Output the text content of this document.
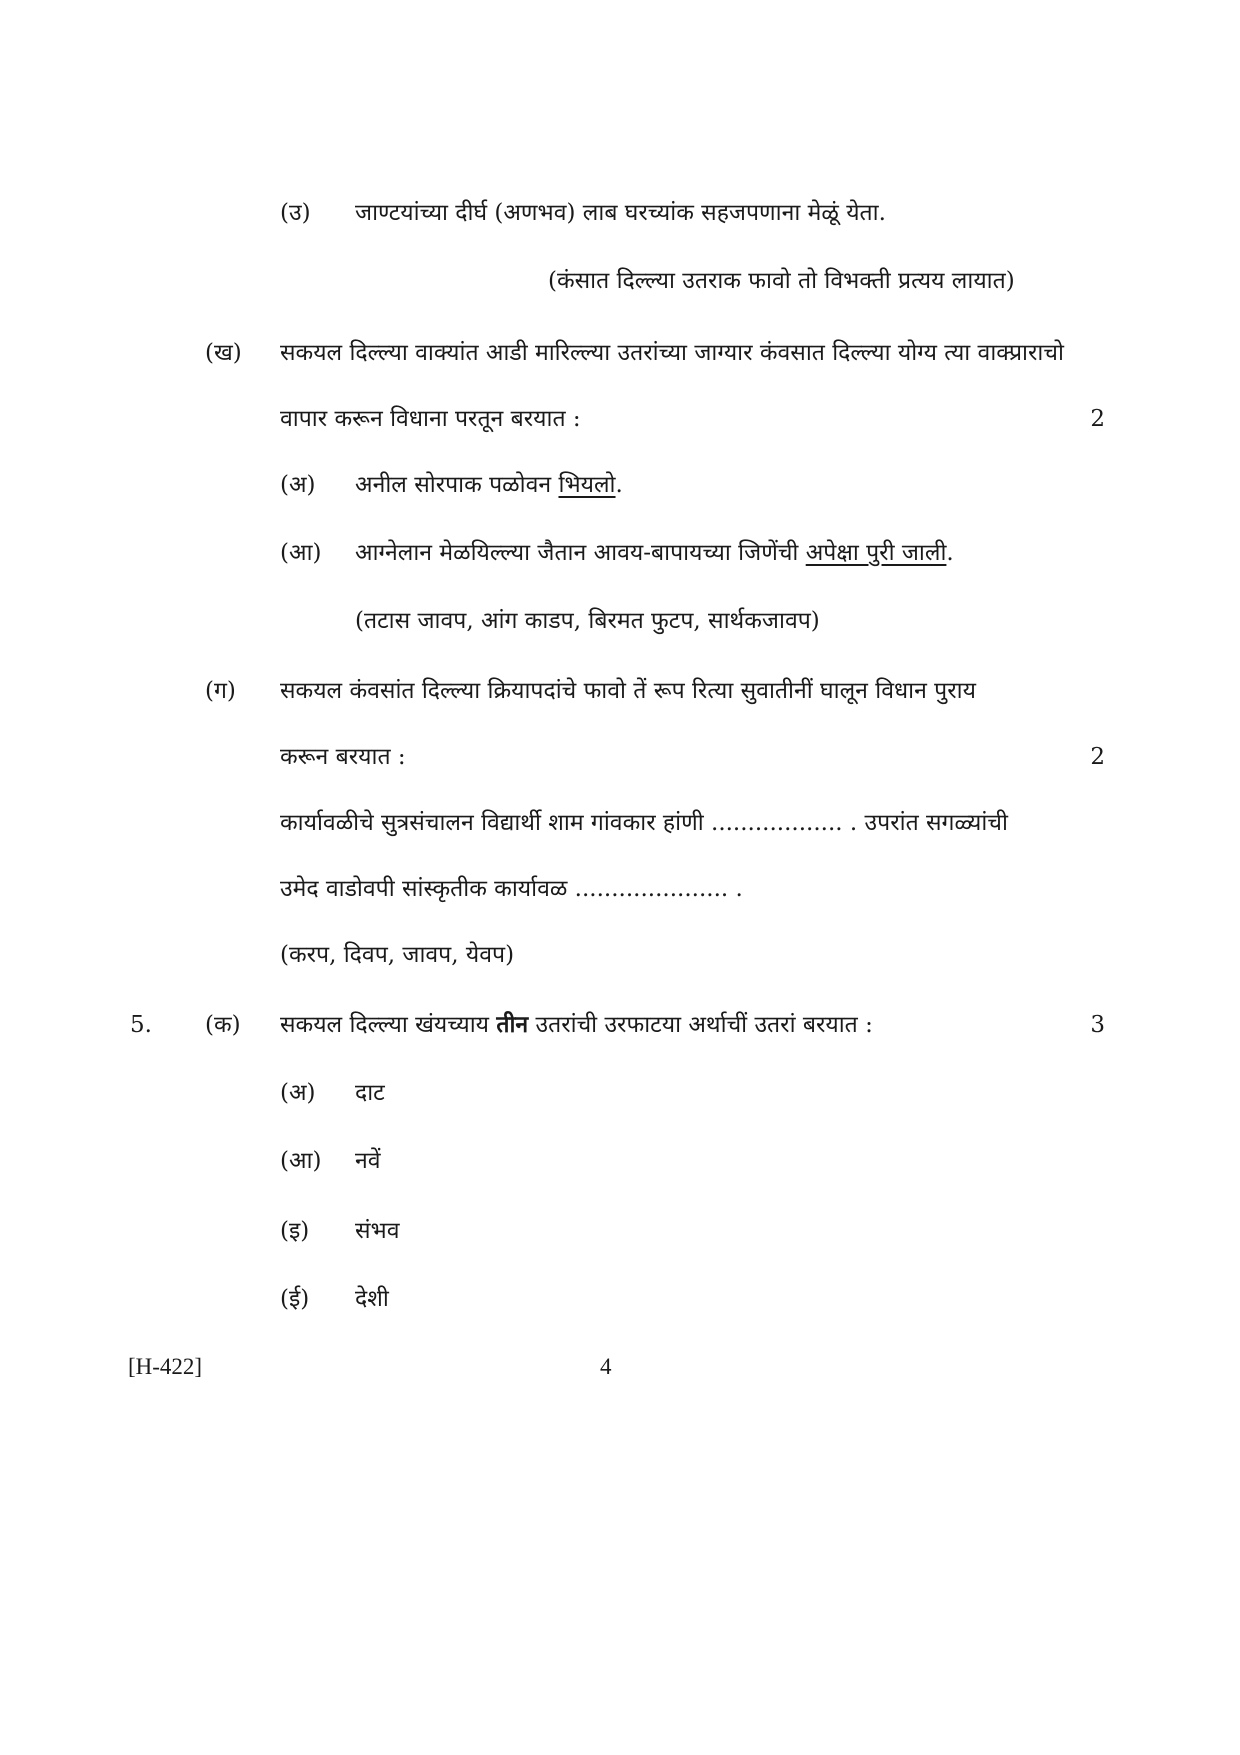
(उ) जाण्टयांच्या दीर्घ (अणभव) लाब घरच्यांक सहजपणाना मेळूं येता.
(कंसात दिल्ल्या उतराक फावो तो विभक्ती प्रत्यय लायात)
(ख) सकयल दिल्ल्या वाक्यांत आडी मारिल्ल्या उतरांच्या जाग्यार कंवसात दिल्ल्या योग्य त्या वाक्प्राराचो
वापार करून विधाना परतून बरयात :	2
(अ) अनील सोरपाक पळोवन भियलो.
(आ) आग्नेलान मेळयिल्ल्या जैतान आवय-बापायच्या जिणेंची अपेक्षा पुरी जाली.
(तटास जावप, आंग काडप, बिरमत फुटप, सार्थकजावप)
(ग) सकयल कंवसांत दिल्ल्या क्रियापदांचे फावो तें रूप रित्या सुवातीनीं घालून विधान पुराय
करून बरयात :	2
कार्यावळीचे सुत्रसंचालन विद्यार्थी शाम गांवकार हांणी .................. . उपरांत सगळ्यांची
उमेद वाडोवपी सांस्कृतीक कार्यावळ ..................... .
(करप, दिवप, जावप, येवप)
5. (क) सकयल दिल्ल्या खंयच्याय तीन उतरांची उरफाटया अर्थाचीं उतरां बरयात :	3
(अ) दाट
(आ) नवें
(इ) संभव
(ई) देशी
[H-422]	4
